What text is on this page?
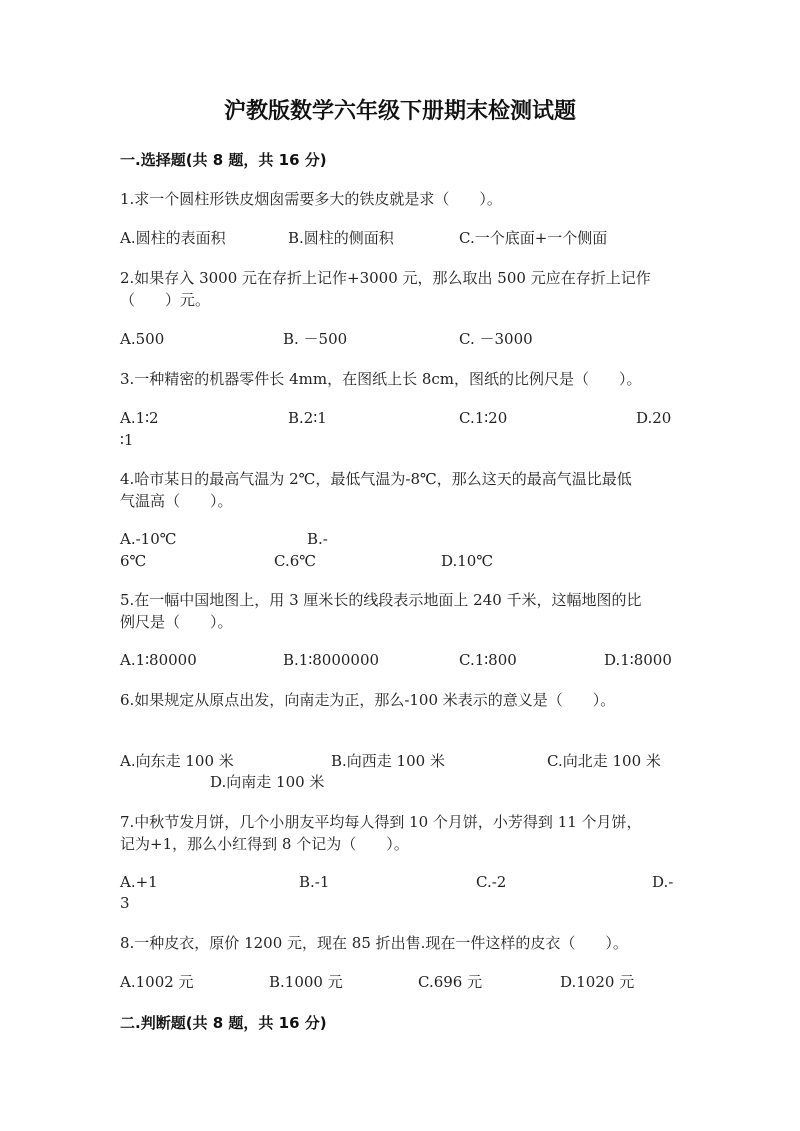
沪教版数学六年级下册期末检测试题
一.选择题(共 8 题，共 16 分)
1.求一个圆柱形铁皮烟囱需要多大的铁皮就是求（　　）。
A.圆柱的表面积	B.圆柱的侧面积	C.一个底面+一个侧面
2.如果存入 3000 元在存折上记作+3000 元，那么取出 500 元应在存折上记作
（　　）元。
A.500	B. －500	C. －3000
3.一种精密的机器零件长 4mm，在图纸上长 8cm，图纸的比例尺是（　　）。
A.1∶2	B.2∶1	C.1∶20	D.20
∶1
4.哈市某日的最高气温为 2℃，最低气温为-8℃，那么这天的最高气温比最低
气温高（　　）。
A.-10℃	B.-
6℃	C.6℃	D.10℃
5.在一幅中国地图上，用 3 厘米长的线段表示地面上 240 千米，这幅地图的比
例尺是（　　）。
A.1∶80000	B.1∶8000000	C.1∶800	D.1∶8000
6.如果规定从原点出发，向南走为正，那么-100 米表示的意义是（　　）。
A.向东走 100 米	B.向西走 100 米	C.向北走 100 米
D.向南走 100 米
7.中秋节发月饼，几个小朋友平均每人得到 10 个月饼，小芳得到 11 个月饼，
记为+1，那么小红得到 8 个记为（　　）。
A.+1	B.-1	C.-2	D.-
3
8.一种皮衣，原价 1200 元，现在 85 折出售.现在一件这样的皮衣（　　）。
A.1002 元	B.1000 元	C.696 元	D.1020 元
二.判断题(共 8 题，共 16 分)
